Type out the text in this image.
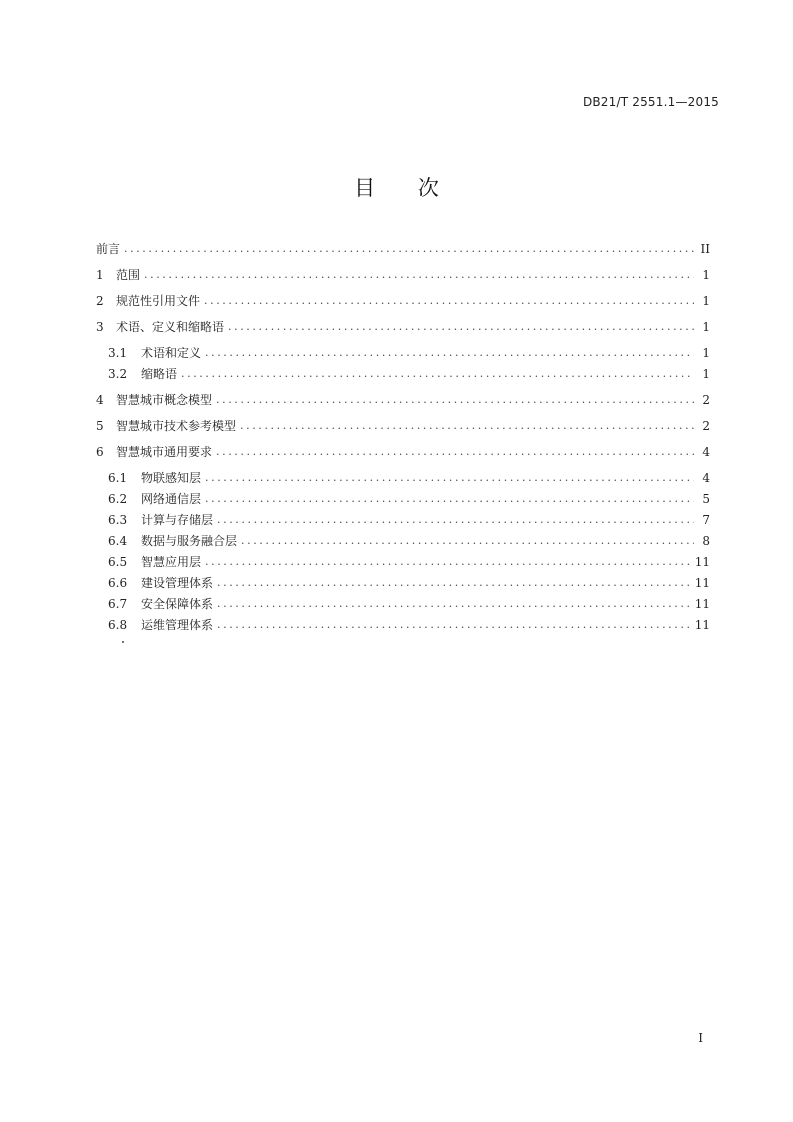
DB21/T 2551.1—2015
目 次
前言 .....	II
1	范围 .....	1
2	规范性引用文件 .....	1
3	术语、定义和缩略语 .....	1
3.1	术语和定义 .....	1
3.2	缩略语 .....	1
4	智慧城市概念模型 .....	2
5	智慧城市技术参考模型 .....	2
6	智慧城市通用要求 .....	4
6.1	物联感知层 .....	4
6.2	网络通信层 .....	5
6.3	计算与存储层 .....	7
6.4	数据与服务融合层 .....	8
6.5	智慧应用层 .....	11
6.6	建设管理体系 .....	11
6.7	安全保障体系 .....	11
6.8	运维管理体系 .....	11
I
